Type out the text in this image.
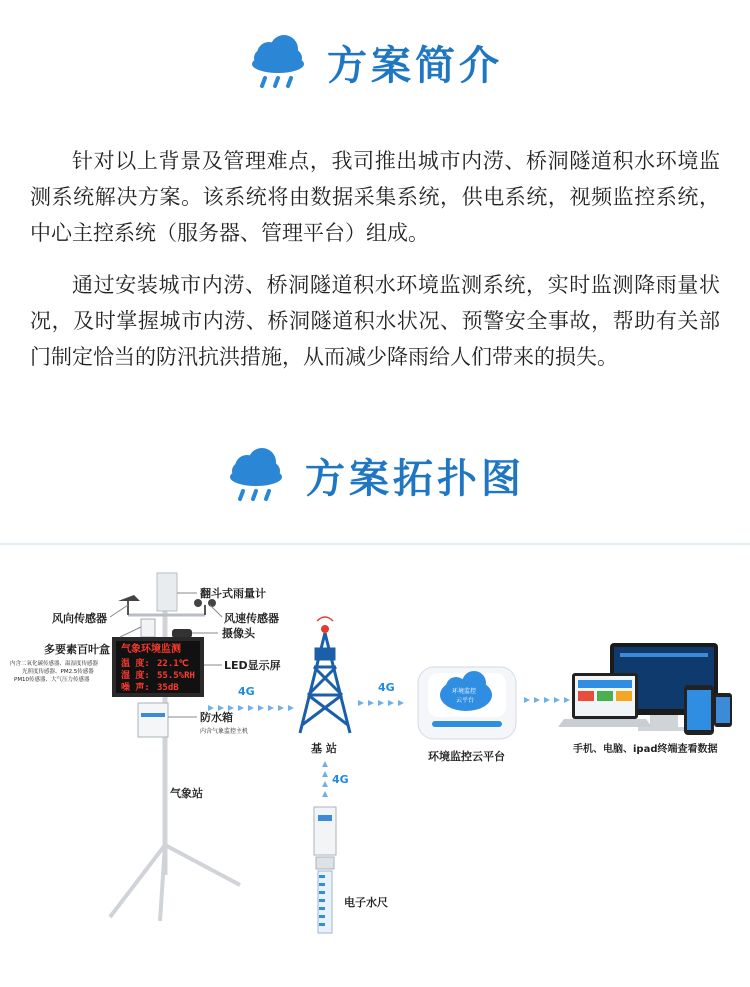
方案简介
针对以上背景及管理难点，我司推出城市内涝、桥洞隧道积水环境监测系统解决方案。该系统将由数据采集系统，供电系统，视频监控系统，中心主控系统（服务器、管理平台）组成。
通过安装城市内涝、桥洞隧道积水环境监测系统，实时监测降雨量状况，及时掌握城市内涝、桥洞隧道积水状况、预警安全事故，帮助有关部门制定恰当的防汛抗洪措施，从而减少降雨给人们带来的损失。
方案拓扑图
气象环境监测
温 度: 22.1℃
湿 度: 55.5%RH
噪 声: 35dB
翻斗式雨量计
风向传感器	风速传感器
多要素百叶盒
内含二氧化碳传感器、温湿度传感器
光照度传感器、PM2.5传感器
PM10传感器、大气压力传感器
摄像头
LED显示屏
防水箱
内含气象监控主机
气象站
4G
基 站
4G	环境监控
云平台
环境监控云平台
手机、电脑、ipad终端查看数据
4G
电子水尺
